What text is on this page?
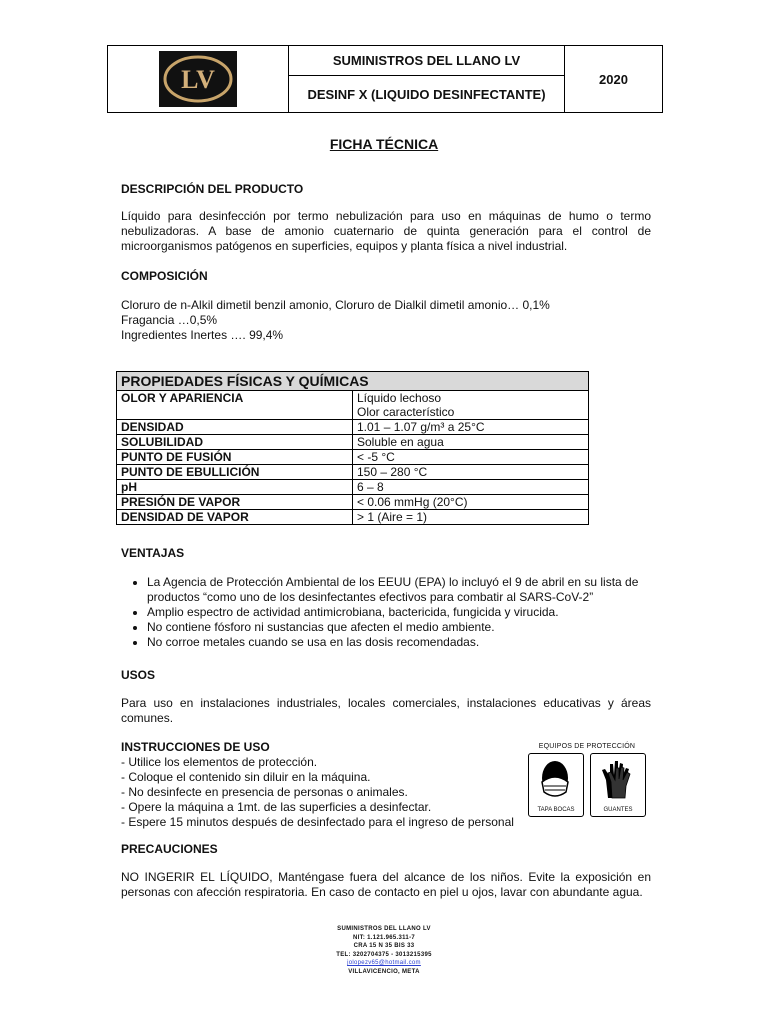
LV
	SUMINISTROS DEL LLANO LV	2020
DESINF X (LIQUIDO DESINFECTANTE)
FICHA TÉCNICA
DESCRIPCIÓN DEL PRODUCTO
Líquido para desinfección por termo nebulización para uso en máquinas de humo o termo nebulizadoras. A base de amonio cuaternario de quinta generación para el control de microorganismos patógenos en superficies, equipos y planta física a nivel industrial.
COMPOSICIÓN
Cloruro de n-Alkil dimetil benzil amonio, Cloruro de Dialkil dimetil amonio… 0,1%
Fragancia …0,5%
Ingredientes Inertes …. 99,4%
PROPIEDADES FÍSICAS Y QUÍMICAS	
OLOR Y APARIENCIA	Líquido lechoso
Olor característico

DENSIDAD	1.01 – 1.07 g/m³ a 25°C
SOLUBILIDAD	Soluble en agua
PUNTO DE FUSIÓN	< -5 °C
PUNTO DE EBULLICIÓN	150 – 280 °C
pH	6 – 8
PRESIÓN DE VAPOR	< 0.06 mmHg (20°C)
DENSIDAD DE VAPOR	> 1 (Aire = 1)
VENTAJAS
• La Agencia de Protección Ambiental de los EEUU (EPA) lo incluyó el 9 de abril en su lista de productos “como uno de los desinfectantes efectivos para combatir al SARS-CoV-2”
• Amplio espectro de actividad antimicrobiana, bactericida, fungicida y virucida.
• No contiene fósforo ni sustancias que afecten el medio ambiente.
• No corroe metales cuando se usa en las dosis recomendadas.
USOS
Para uso en instalaciones industriales, locales comerciales, instalaciones educativas y áreas comunes.
INSTRUCCIONES DE USO
- Utilice los elementos de protección.
- Coloque el contenido sin diluir en la máquina.
- No desinfecte en presencia de personas o animales.
- Opere la máquina a 1mt. de las superficies a desinfectar.
- Espere 15 minutos después de desinfectado para el ingreso de personal
EQUIPOS DE PROTECCIÓN
TAPA BOCAS	GUANTES
PRECAUCIONES
NO INGERIR EL LÍQUIDO, Manténgase fuera del alcance de los niños. Evite la exposición en personas con afección respiratoria. En caso de contacto en piel u ojos, lavar con abundante agua.
SUMINISTROS DEL LLANO LV
NIT: 1.121.965.311-7
CRA 15 N 35 BIS 33
TEL: 3202704375 - 3013215395
jolopezv65@hotmail.com
VILLAVICENCIO, META
